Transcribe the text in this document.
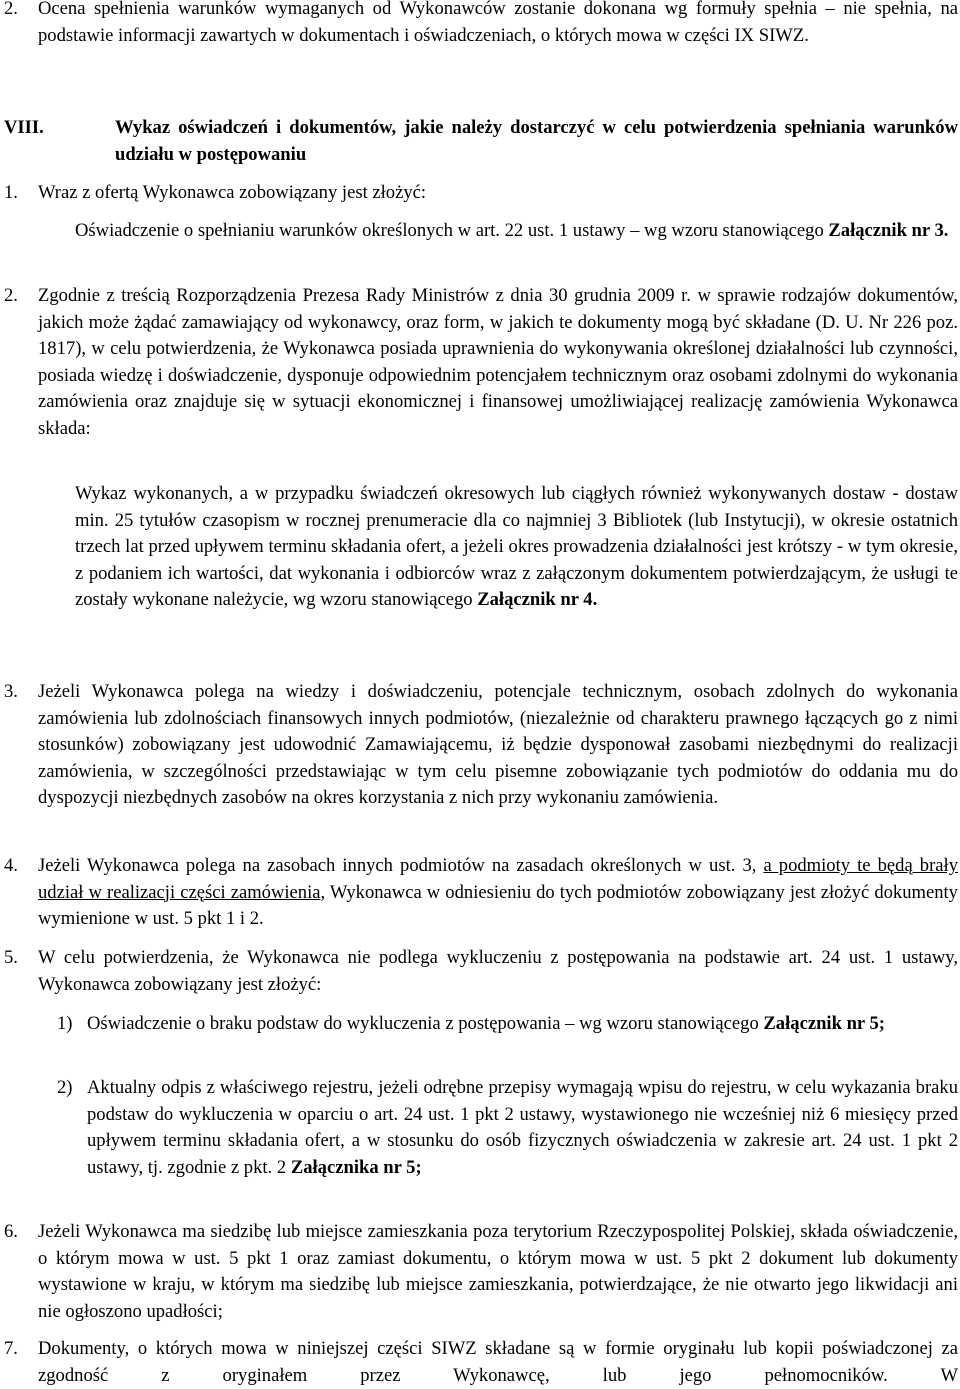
2. Ocena spełnienia warunków wymaganych od Wykonawców zostanie dokonana wg formuły spełnia – nie spełnia, na podstawie informacji zawartych w dokumentach i oświadczeniach, o których mowa w części IX SIWZ.
VIII.	Wykaz oświadczeń i dokumentów, jakie należy dostarczyć w celu potwierdzenia spełniania warunków udziału w postępowaniu
1. Wraz z ofertą Wykonawca zobowiązany jest złożyć:
Oświadczenie o spełnianiu warunków określonych w art. 22 ust. 1 ustawy – wg wzoru stanowiącego Załącznik nr 3.
2. Zgodnie z treścią Rozporządzenia Prezesa Rady Ministrów z dnia 30 grudnia 2009 r. w sprawie rodzajów dokumentów, jakich może żądać zamawiający od wykonawcy, oraz form, w jakich te dokumenty mogą być składane (D. U. Nr 226 poz. 1817), w celu potwierdzenia, że Wykonawca posiada uprawnienia do wykonywania określonej działalności lub czynności, posiada wiedzę i doświadczenie, dysponuje odpowiednim potencjałem technicznym oraz osobami zdolnymi do wykonania zamówienia oraz znajduje się w sytuacji ekonomicznej i finansowej umożliwiającej realizację zamówienia Wykonawca składa:
Wykaz wykonanych, a w przypadku świadczeń okresowych lub ciągłych również wykonywanych dostaw - dostaw min. 25 tytułów czasopism w rocznej prenumeracie dla co najmniej 3 Bibliotek (lub Instytucji), w okresie ostatnich trzech lat przed upływem terminu składania ofert, a jeżeli okres prowadzenia działalności jest krótszy - w tym okresie, z podaniem ich wartości, dat wykonania i odbiorców wraz z załączonym dokumentem potwierdzającym, że usługi te zostały wykonane należycie, wg wzoru stanowiącego Załącznik nr 4.
3. Jeżeli Wykonawca polega na wiedzy i doświadczeniu, potencjale technicznym, osobach zdolnych do wykonania zamówienia lub zdolnościach finansowych innych podmiotów, (niezależnie od charakteru prawnego łączących go z nimi stosunków) zobowiązany jest udowodnić Zamawiającemu, iż będzie dysponował zasobami niezbędnymi do realizacji zamówienia, w szczególności przedstawiając w tym celu pisemne zobowiązanie tych podmiotów do oddania mu do dyspozycji niezbędnych zasobów na okres korzystania z nich przy wykonaniu zamówienia.
4. Jeżeli Wykonawca polega na zasobach innych podmiotów na zasadach określonych w ust. 3, a podmioty te będą brały udział w realizacji części zamówienia, Wykonawca w odniesieniu do tych podmiotów zobowiązany jest złożyć dokumenty wymienione w ust. 5 pkt 1 i 2.
5. W celu potwierdzenia, że Wykonawca nie podlega wykluczeniu z postępowania na podstawie art. 24 ust. 1 ustawy, Wykonawca zobowiązany jest złożyć:
1) Oświadczenie o braku podstaw do wykluczenia z postępowania – wg wzoru stanowiącego Załącznik nr 5;
2) Aktualny odpis z właściwego rejestru, jeżeli odrębne przepisy wymagają wpisu do rejestru, w celu wykazania braku podstaw do wykluczenia w oparciu o art. 24 ust. 1 pkt 2 ustawy, wystawionego nie wcześniej niż 6 miesięcy przed upływem terminu składania ofert, a w stosunku do osób fizycznych oświadczenia w zakresie art. 24 ust. 1 pkt 2 ustawy, tj. zgodnie z pkt. 2 Załącznika nr 5;
6. Jeżeli Wykonawca ma siedzibę lub miejsce zamieszkania poza terytorium Rzeczypospolitej Polskiej, składa oświadczenie, o którym mowa w ust. 5 pkt 1 oraz zamiast dokumentu, o którym mowa w ust. 5 pkt 2 dokument lub dokumenty wystawione w kraju, w którym ma siedzibę lub miejsce zamieszkania, potwierdzające, że nie otwarto jego likwidacji ani nie ogłoszono upadłości;
7. Dokumenty, o których mowa w niniejszej części SIWZ składane są w formie oryginału lub kopii poświadczonej za zgodność z oryginałem przez Wykonawcę, lub jego pełnomocników. W
